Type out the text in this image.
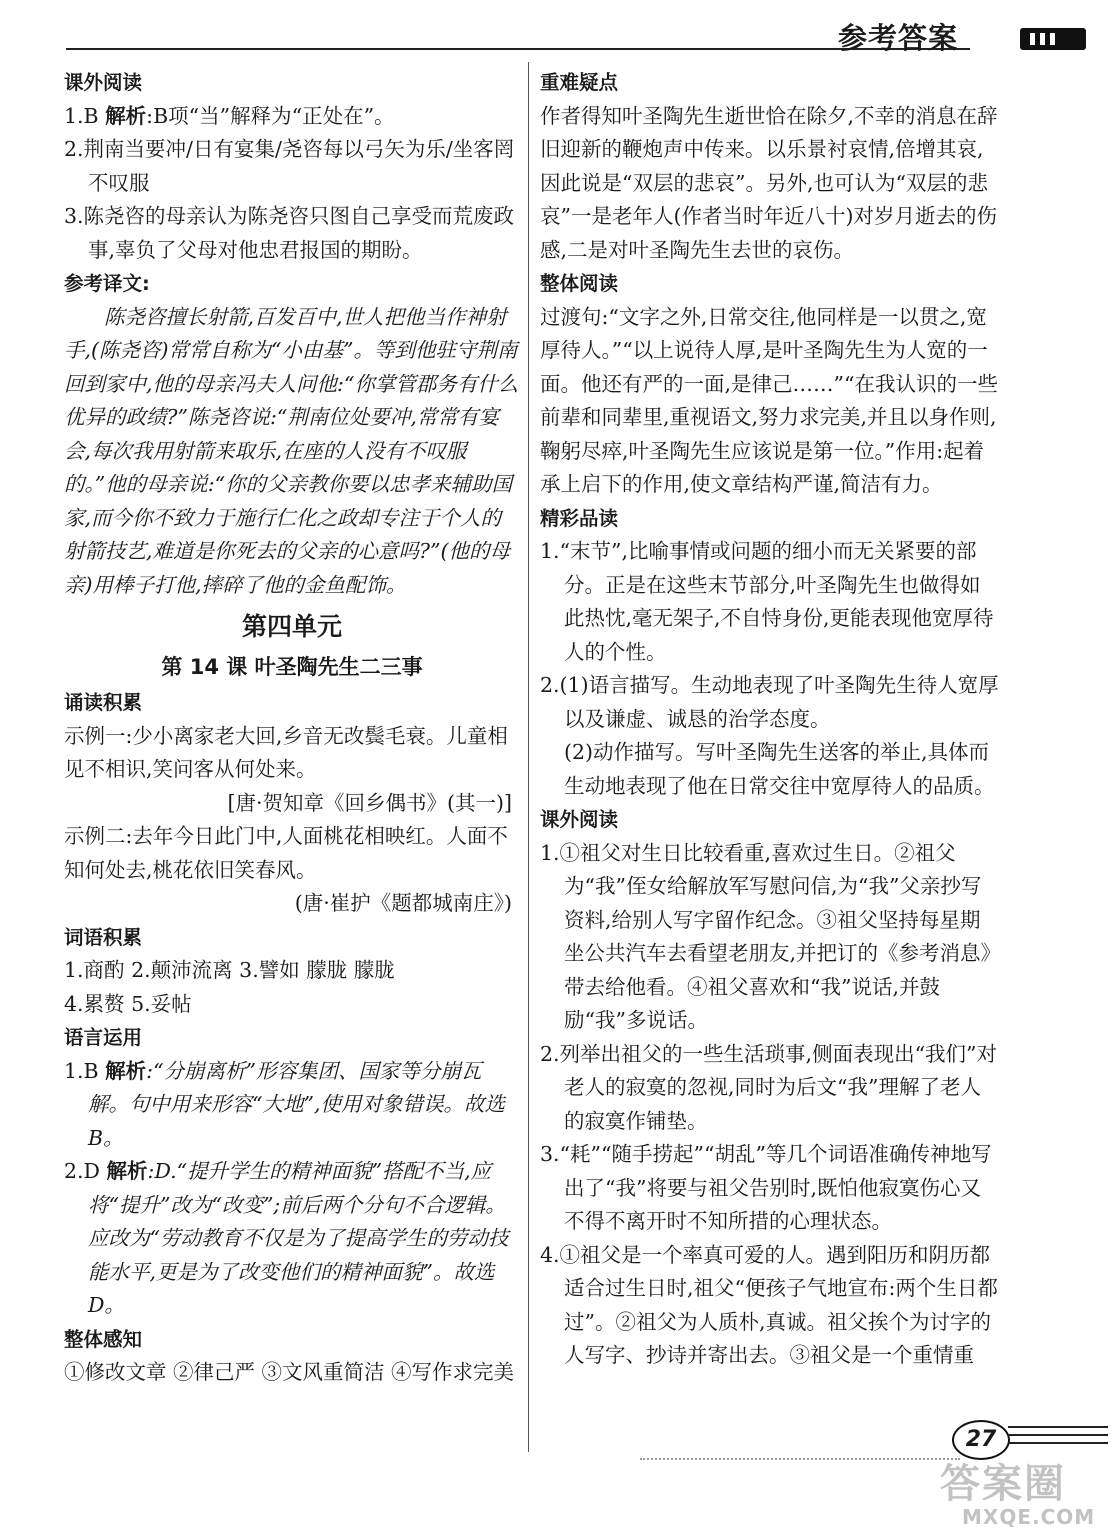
参考答案
课外阅读

1.B 解析:B项“当”解释为“正处在”。

2.荆南当要冲/日有宴集/尧咨每以弓矢为乐/坐客罔不叹服

3.陈尧咨的母亲认为陈尧咨只图自己享受而荒废政事,辜负了父母对他忠君报国的期盼。

参考译文:

陈尧咨擅长射箭,百发百中,世人把他当作神射手,(陈尧咨)常常自称为“小由基”。等到他驻守荆南回到家中,他的母亲冯夫人问他:“你掌管郡务有什么优异的政绩?”陈尧咨说:“荆南位处要冲,常常有宴会,每次我用射箭来取乐,在座的人没有不叹服的。”他的母亲说:“你的父亲教你要以忠孝来辅助国家,而今你不致力于施行仁化之政却专注于个人的射箭技艺,难道是你死去的父亲的心意吗?”(他的母亲)用棒子打他,摔碎了他的金鱼配饰。

第四单元
第 14 课 叶圣陶先生二三事
诵读积累

示例一:少小离家老大回,乡音无改鬓毛衰。儿童相见不相识,笑问客从何处来。

[唐·贺知章《回乡偶书》(其一)]

示例二:去年今日此门中,人面桃花相映红。人面不知何处去,桃花依旧笑春风。

(唐·崔护《题都城南庄》)

词语积累

1.商酌 2.颠沛流离 3.譬如 朦胧 朦胧

4.累赘 5.妥帖

语言运用

1.B 解析:“分崩离析”形容集团、国家等分崩瓦解。句中用来形容“大地”,使用对象错误。故选 B。

2.D 解析:D.“提升学生的精神面貌”搭配不当,应将“提升”改为“改变”;前后两个分句不合逻辑。应改为“劳动教育不仅是为了提高学生的劳动技能水平,更是为了改变他们的精神面貌”。故选 D。

整体感知

①修改文章 ②律己严 ③文风重简洁 ④写作求完美

重难疑点

作者得知叶圣陶先生逝世恰在除夕,不幸的消息在辞旧迎新的鞭炮声中传来。以乐景衬哀情,倍增其哀,因此说是“双层的悲哀”。另外,也可认为“双层的悲哀”一是老年人(作者当时年近八十)对岁月逝去的伤感,二是对叶圣陶先生去世的哀伤。

整体阅读

过渡句:“文字之外,日常交往,他同样是一以贯之,宽厚待人。”“以上说待人厚,是叶圣陶先生为人宽的一面。他还有严的一面,是律己……”“在我认识的一些前辈和同辈里,重视语文,努力求完美,并且以身作则,鞠躬尽瘁,叶圣陶先生应该说是第一位。”作用:起着承上启下的作用,使文章结构严谨,简洁有力。

精彩品读

1.“末节”,比喻事情或问题的细小而无关紧要的部分。正是在这些末节部分,叶圣陶先生也做得如此热忱,毫无架子,不自恃身份,更能表现他宽厚待人的个性。

2.(1)语言描写。生动地表现了叶圣陶先生待人宽厚以及谦虚、诚恳的治学态度。

(2)动作描写。写叶圣陶先生送客的举止,具体而生动地表现了他在日常交往中宽厚待人的品质。

课外阅读

1.①祖父对生日比较看重,喜欢过生日。②祖父为“我”侄女给解放军写慰问信,为“我”父亲抄写资料,给别人写字留作纪念。③祖父坚持每星期坐公共汽车去看望老朋友,并把订的《参考消息》带去给他看。④祖父喜欢和“我”说话,并鼓励“我”多说话。

2.列举出祖父的一些生活琐事,侧面表现出“我们”对老人的寂寞的忽视,同时为后文“我”理解了老人的寂寞作铺垫。

3.“耗”“随手捞起”“胡乱”等几个词语准确传神地写出了“我”将要与祖父告别时,既怕他寂寞伤心又不得不离开时不知所措的心理状态。

4.①祖父是一个率真可爱的人。遇到阳历和阴历都适合过生日时,祖父“便孩子气地宣布:两个生日都过”。②祖父为人质朴,真诚。祖父挨个为讨字的人写字、抄诗并寄出去。③祖父是一个重情重

27
答案圈
MXQE.COM
